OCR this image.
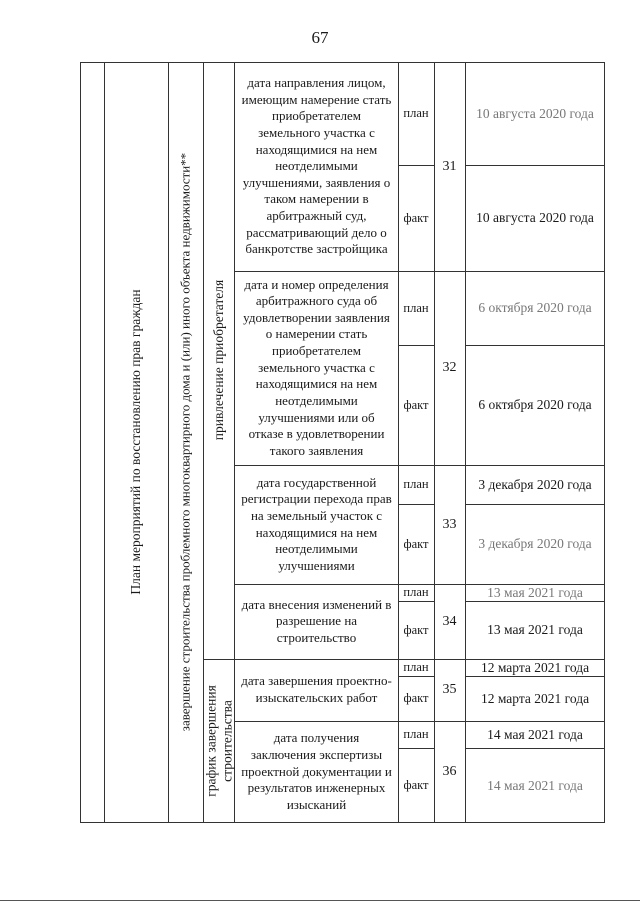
67
План мероприятий по восстановлению прав граждан	завершение строительства проблемного многоквартирного дома и (или) иного объекта недвижимости** привлечение приобретателя
график завершения строительства
дата направления лицом, имеющим намерение стать приобретателем земельного участка с находящимися на нем неотделимыми улучшениями, заявления о таком намерении в арбитражный суд, рассматривающий дело о банкротстве застройщика
план
факт
31
10 августа 2020 года
10 августа 2020 года
дата и номер определения арбитражного суда об удовлетворении заявления о намерении стать приобретателем земельного участка с находящимися на нем неотделимыми улучшениями или об отказе в удовлетворении такого заявления
план
факт
32
6 октября 2020 года
6 октября 2020 года
дата государственной регистрации перехода прав на земельный участок с находящимися на нем неотделимыми улучшениями
план
факт
33
3 декабря 2020 года
3 декабря 2020 года
дата внесения изменений в разрешение на строительство
план
факт
34
13 мая 2021 года
13 мая 2021 года
дата завершения проектно-изыскательских работ
план
факт
35
12 марта 2021 года
12 марта 2021 года
дата получения заключения экспертизы проектной документации и результатов инженерных изысканий
план
факт
36
14 мая 2021 года
14 мая 2021 года
